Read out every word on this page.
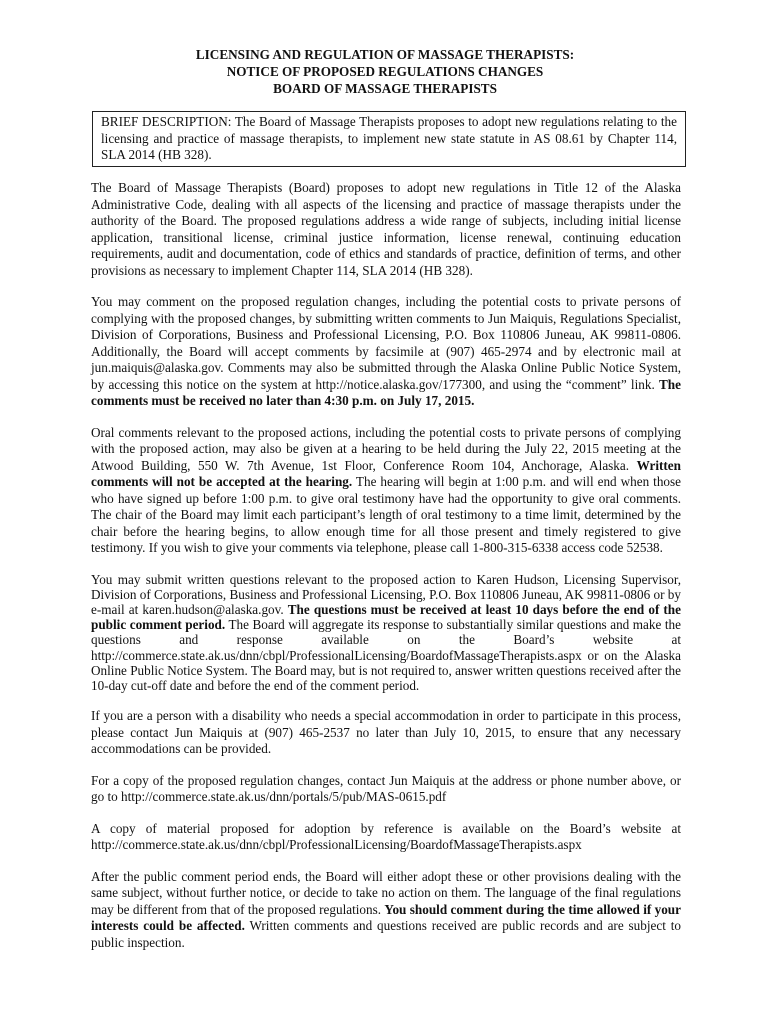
LICENSING AND REGULATION OF MASSAGE THERAPISTS:
NOTICE OF PROPOSED REGULATIONS CHANGES
BOARD OF MASSAGE THERAPISTS
BRIEF DESCRIPTION: The Board of Massage Therapists proposes to adopt new regulations relating to the licensing and practice of massage therapists, to implement new state statute in AS 08.61 by Chapter 114, SLA 2014 (HB 328).

The Board of Massage Therapists (Board) proposes to adopt new regulations in Title 12 of the Alaska Administrative Code, dealing with all aspects of the licensing and practice of massage therapists under the authority of the Board. The proposed regulations address a wide range of subjects, including initial license application, transitional license, criminal justice information, license renewal, continuing education requirements, audit and documentation, code of ethics and standards of practice, definition of terms, and other provisions as necessary to implement Chapter 114, SLA 2014 (HB 328).

You may comment on the proposed regulation changes, including the potential costs to private persons of complying with the proposed changes, by submitting written comments to Jun Maiquis, Regulations Specialist, Division of Corporations, Business and Professional Licensing, P.O. Box 110806 Juneau, AK 99811-0806. Additionally, the Board will accept comments by facsimile at (907) 465-2974 and by electronic mail at jun.maiquis@alaska.gov. Comments may also be submitted through the Alaska Online Public Notice System, by accessing this notice on the system at http://notice.alaska.gov/177300, and using the “comment” link. The comments must be received no later than 4:30 p.m. on July 17, 2015.

Oral comments relevant to the proposed actions, including the potential costs to private persons of complying with the proposed action, may also be given at a hearing to be held during the July 22, 2015 meeting at the Atwood Building, 550 W. 7th Avenue, 1st Floor, Conference Room 104, Anchorage, Alaska. Written comments will not be accepted at the hearing. The hearing will begin at 1:00 p.m. and will end when those who have signed up before 1:00 p.m. to give oral testimony have had the opportunity to give oral comments. The chair of the Board may limit each participant’s length of oral testimony to a time limit, determined by the chair before the hearing begins, to allow enough time for all those present and timely registered to give testimony. If you wish to give your comments via telephone, please call 1-800-315-6338 access code 52538.

You may submit written questions relevant to the proposed action to Karen Hudson, Licensing Supervisor, Division of Corporations, Business and Professional Licensing, P.O. Box 110806 Juneau, AK 99811-0806 or by e-mail at karen.hudson@alaska.gov. The questions must be received at least 10 days before the end of the public comment period. The Board will aggregate its response to substantially similar questions and make the questions and response available on the Board’s website at http://commerce.state.ak.us/dnn/cbpl/ProfessionalLicensing/BoardofMassageTherapists.aspx or on the Alaska Online Public Notice System. The Board may, but is not required to, answer written questions received after the 10-day cut-off date and before the end of the comment period.

If you are a person with a disability who needs a special accommodation in order to participate in this process, please contact Jun Maiquis at (907) 465-2537 no later than July 10, 2015, to ensure that any necessary accommodations can be provided.

For a copy of the proposed regulation changes, contact Jun Maiquis at the address or phone number above, or go to http://commerce.state.ak.us/dnn/portals/5/pub/MAS-0615.pdf

A copy of material proposed for adoption by reference is available on the Board’s website at http://commerce.state.ak.us/dnn/cbpl/ProfessionalLicensing/BoardofMassageTherapists.aspx

After the public comment period ends, the Board will either adopt these or other provisions dealing with the same subject, without further notice, or decide to take no action on them. The language of the final regulations may be different from that of the proposed regulations. You should comment during the time allowed if your interests could be affected. Written comments and questions received are public records and are subject to public inspection.
